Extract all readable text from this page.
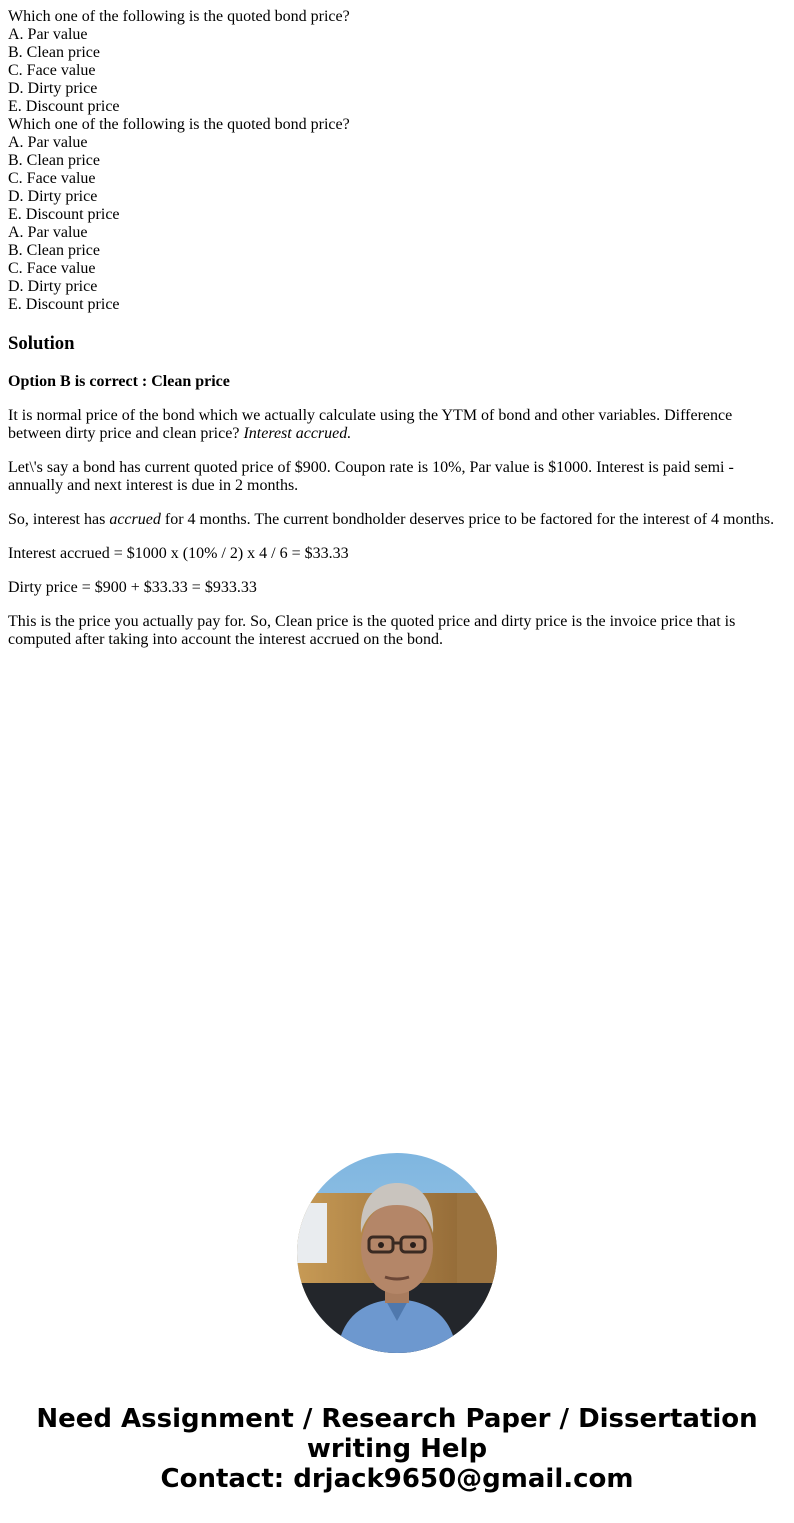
Which one of the following is the quoted bond price?
A. Par value
B. Clean price
C. Face value
D. Dirty price
E. Discount price
Which one of the following is the quoted bond price?
A. Par value
B. Clean price
C. Face value
D. Dirty price
E. Discount price
A. Par value
B. Clean price
C. Face value
D. Dirty price
E. Discount price
Solution

Option B is correct : Clean price

It is normal price of the bond which we actually calculate using the YTM of bond and other variables. Difference between dirty price and clean price? Interest accrued.

Let\'s say a bond has current quoted price of $900. Coupon rate is 10%, Par value is $1000. Interest is paid semi - annually and next interest is due in 2 months.

So, interest has accrued for 4 months. The current bondholder deserves price to be factored for the interest of 4 months.

Interest accrued = $1000 x (10% / 2) x 4 / 6 = $33.33

Dirty price = $900 + $33.33 = $933.33

This is the price you actually pay for. So, Clean price is the quoted price and dirty price is the invoice price that is computed after taking into account the interest accrued on the bond.

Need Assignment / Research Paper / Dissertation
writing Help
Contact: drjack9650@gmail.com
